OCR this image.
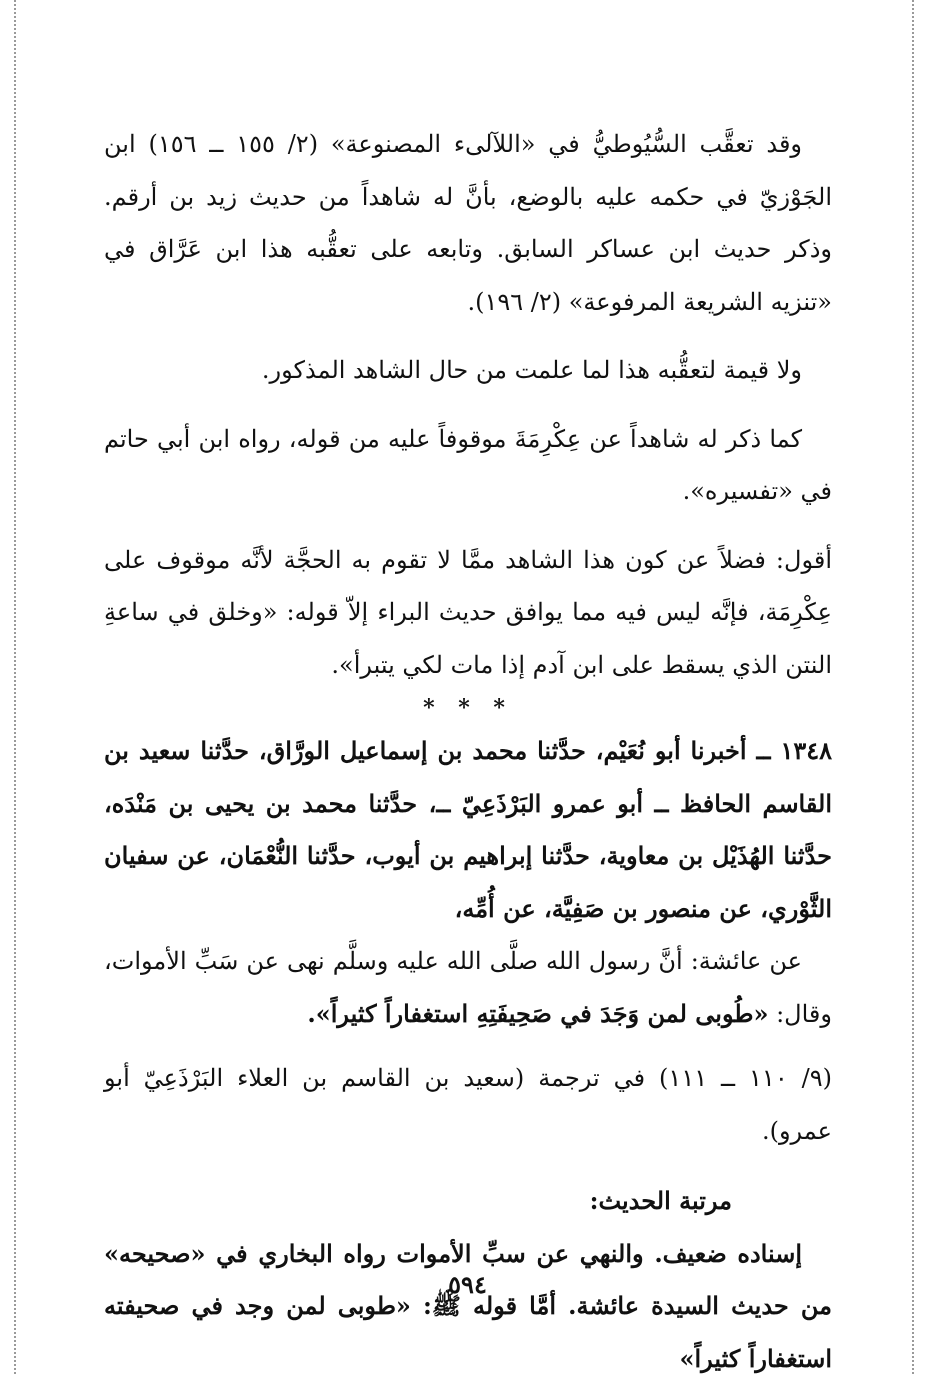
وقد تعقَّب السُّيُوطيُّ في «اللآلىء المصنوعة» (٢/ ١٥٥ ــ ١٥٦) ابن الجَوْزيّ في حكمه عليه بالوضع، بأنَّ له شاهداً من حديث زيد بن أرقم. وذكر حديث ابن عساكر السابق. وتابعه على تعقُّبه هذا ابن عَرَّاق في «تنزيه الشريعة المرفوعة» (٢/ ١٩٦).

ولا قيمة لتعقُّبه هذا لما علمت من حال الشاهد المذكور.

كما ذكر له شاهداً عن عِكْرِمَةَ موقوفاً عليه من قوله، رواه ابن أبي حاتم في «تفسيره».

أقول: فضلاً عن كون هذا الشاهد ممَّا لا تقوم به الحجَّة لأنَّه موقوف على عِكْرِمَة، فإنَّه ليس فيه مما يوافق حديث البراء إلاّ قوله: «وخلق في ساعةِ النتن الذي يسقط على ابن آدم إذا مات لكي يتبرأ».

* * *

١٣٤٨ ــ أخبرنا أبو نُعَيْم، حدَّثنا محمد بن إسماعيل الورَّاق، حدَّثنا سعيد بن القاسم الحافظ ــ أبو عمرو البَرْذَعِيّ ــ، حدَّثنا محمد بن يحيى بن مَنْدَه، حدَّثنا الهُذَيْل بن معاوية، حدَّثنا إبراهيم بن أيوب، حدَّثنا النُّعْمَان، عن سفيان الثَّوْري، عن منصور بن صَفِيَّة، عن أُمِّه،

عن عائشة: أنَّ رسول الله صلَّى الله عليه وسلَّم نهى عن سَبِّ الأموات، وقال: «طُوبى لمن وَجَدَ في صَحِيفَتِهِ استغفاراً كثيراً».

(٩/ ١١٠ ــ ١١١) في ترجمة (سعيد بن القاسم بن العلاء البَرْذَعِيّ أبو عمرو).

مرتبة الحديث:

إسناده ضعيف. والنهي عن سبِّ الأموات رواه البخاري في «صحيحه» من حديث السيدة عائشة. أمَّا قوله ﷺ: «طوبى لمن وجد في صحيفته استغفاراً كثيراً»

٥٩٤
